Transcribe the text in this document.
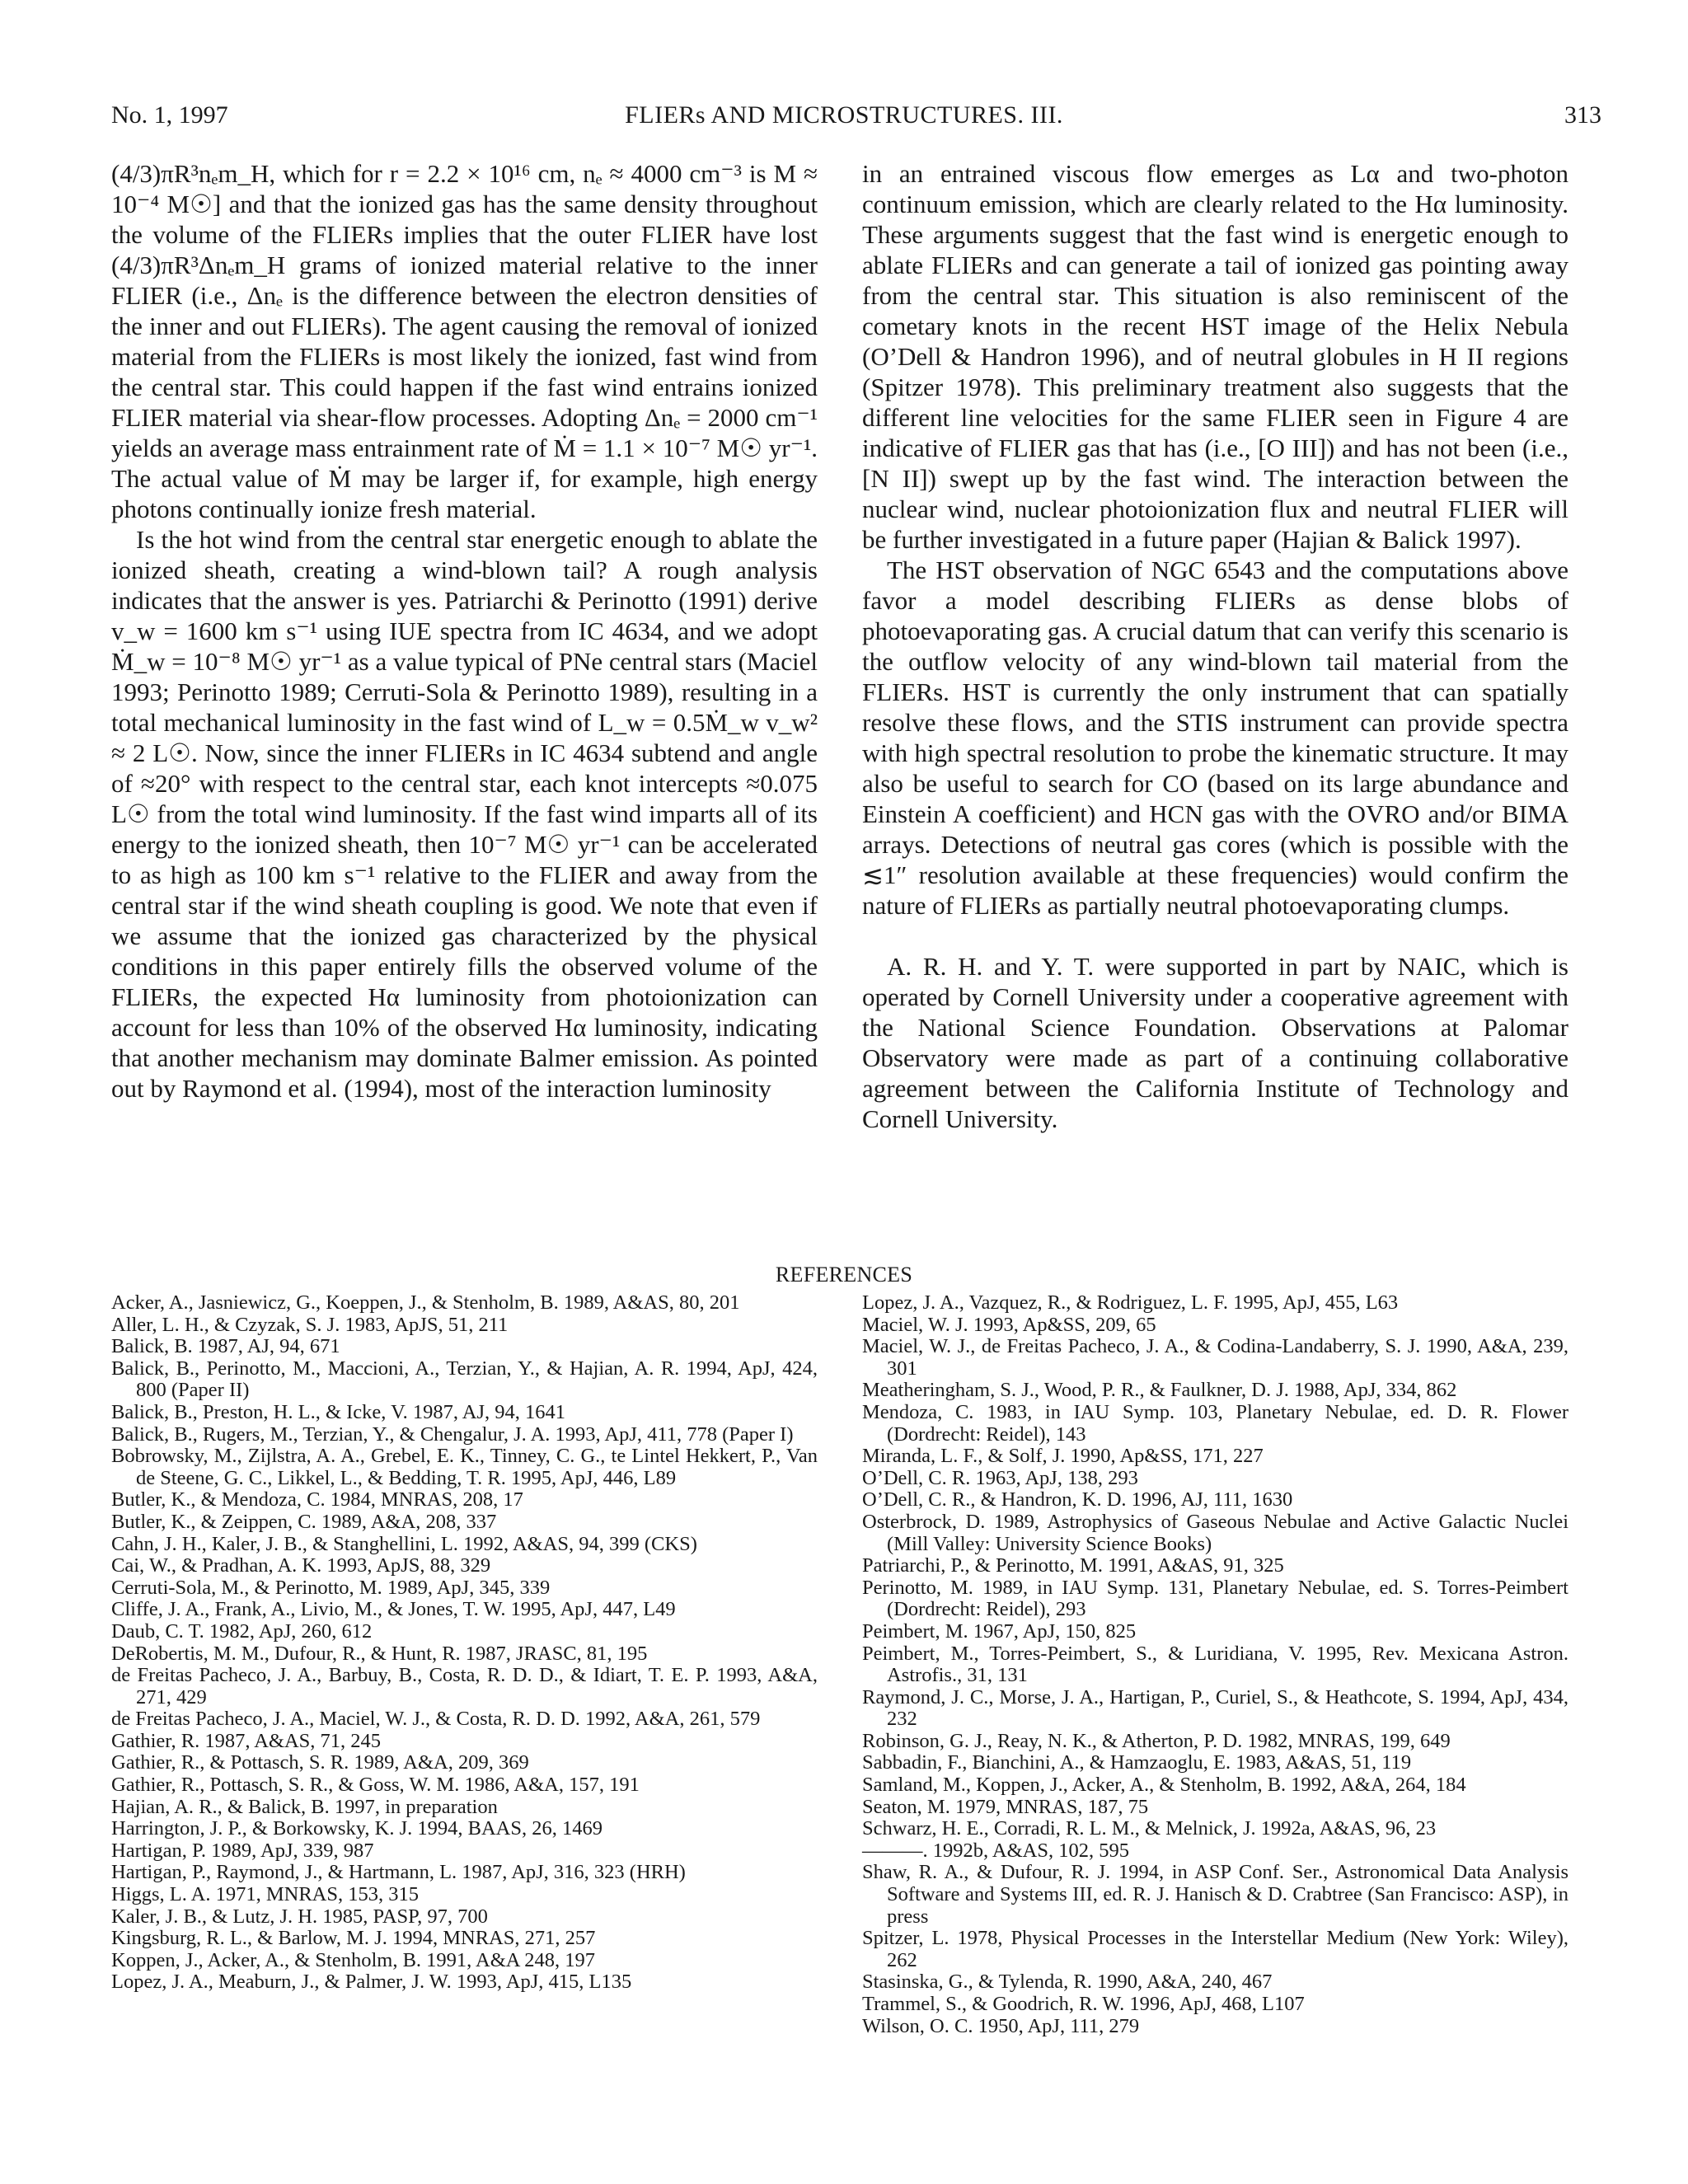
No. 1, 1997	FLIERs AND MICROSTRUCTURES. III.	313

(4/3)πR³nₑm_H, which for r = 2.2 × 10¹⁶ cm, nₑ ≈ 4000 cm⁻³ is M ≈ 10⁻⁴ M☉] and that the ionized gas has the same density throughout the volume of the FLIERs implies that the outer FLIER have lost (4/3)πR³Δnₑm_H grams of ionized material relative to the inner FLIER (i.e., Δnₑ is the difference between the electron densities of the inner and out FLIERs). The agent causing the removal of ionized material from the FLIERs is most likely the ionized, fast wind from the central star. This could happen if the fast wind entrains ionized FLIER material via shear-flow processes. Adopting Δnₑ = 2000 cm⁻¹ yields an average mass entrainment rate of Ṁ = 1.1 × 10⁻⁷ M☉ yr⁻¹. The actual value of Ṁ may be larger if, for example, high energy photons continually ionize fresh material.

Is the hot wind from the central star energetic enough to ablate the ionized sheath, creating a wind-blown tail? A rough analysis indicates that the answer is yes. Patriarchi & Perinotto (1991) derive v_w = 1600 km s⁻¹ using IUE spectra from IC 4634, and we adopt Ṁ_w = 10⁻⁸ M☉ yr⁻¹ as a value typical of PNe central stars (Maciel 1993; Perinotto 1989; Cerruti-Sola & Perinotto 1989), resulting in a total mechanical luminosity in the fast wind of L_w = 0.5Ṁ_w v_w² ≈ 2 L☉. Now, since the inner FLIERs in IC 4634 subtend and angle of ≈20° with respect to the central star, each knot intercepts ≈0.075 L☉ from the total wind luminosity. If the fast wind imparts all of its energy to the ionized sheath, then 10⁻⁷ M☉ yr⁻¹ can be accelerated to as high as 100 km s⁻¹ relative to the FLIER and away from the central star if the wind sheath coupling is good. We note that even if we assume that the ionized gas characterized by the physical conditions in this paper entirely fills the observed volume of the FLIERs, the expected Hα luminosity from photoionization can account for less than 10% of the observed Hα luminosity, indicating that another mechanism may dominate Balmer emission. As pointed out by Raymond et al. (1994), most of the interaction luminosity

in an entrained viscous flow emerges as Lα and two-photon continuum emission, which are clearly related to the Hα luminosity. These arguments suggest that the fast wind is energetic enough to ablate FLIERs and can generate a tail of ionized gas pointing away from the central star. This situation is also reminiscent of the cometary knots in the recent HST image of the Helix Nebula (O’Dell & Handron 1996), and of neutral globules in H II regions (Spitzer 1978). This preliminary treatment also suggests that the different line velocities for the same FLIER seen in Figure 4 are indicative of FLIER gas that has (i.e., [O III]) and has not been (i.e., [N II]) swept up by the fast wind. The interaction between the nuclear wind, nuclear photoionization flux and neutral FLIER will be further investigated in a future paper (Hajian & Balick 1997).

The HST observation of NGC 6543 and the computations above favor a model describing FLIERs as dense blobs of photoevaporating gas. A crucial datum that can verify this scenario is the outflow velocity of any wind-blown tail material from the FLIERs. HST is currently the only instrument that can spatially resolve these flows, and the STIS instrument can provide spectra with high spectral resolution to probe the kinematic structure. It may also be useful to search for CO (based on its large abundance and Einstein A coefficient) and HCN gas with the OVRO and/or BIMA arrays. Detections of neutral gas cores (which is possible with the ≲1″ resolution available at these frequencies) would confirm the nature of FLIERs as partially neutral photoevaporating clumps.

A. R. H. and Y. T. were supported in part by NAIC, which is operated by Cornell University under a cooperative agreement with the National Science Foundation. Observations at Palomar Observatory were made as part of a continuing collaborative agreement between the California Institute of Technology and Cornell University.

REFERENCES
Acker, A., Jasniewicz, G., Koeppen, J., & Stenholm, B. 1989, A&AS, 80, 201
Aller, L. H., & Czyzak, S. J. 1983, ApJS, 51, 211
Balick, B. 1987, AJ, 94, 671
Balick, B., Perinotto, M., Maccioni, A., Terzian, Y., & Hajian, A. R. 1994, ApJ, 424, 800 (Paper II)
Balick, B., Preston, H. L., & Icke, V. 1987, AJ, 94, 1641
Balick, B., Rugers, M., Terzian, Y., & Chengalur, J. A. 1993, ApJ, 411, 778 (Paper I)
Bobrowsky, M., Zijlstra, A. A., Grebel, E. K., Tinney, C. G., te Lintel Hekkert, P., Van de Steene, G. C., Likkel, L., & Bedding, T. R. 1995, ApJ, 446, L89
Butler, K., & Mendoza, C. 1984, MNRAS, 208, 17
Butler, K., & Zeippen, C. 1989, A&A, 208, 337
Cahn, J. H., Kaler, J. B., & Stanghellini, L. 1992, A&AS, 94, 399 (CKS)
Cai, W., & Pradhan, A. K. 1993, ApJS, 88, 329
Cerruti-Sola, M., & Perinotto, M. 1989, ApJ, 345, 339
Cliffe, J. A., Frank, A., Livio, M., & Jones, T. W. 1995, ApJ, 447, L49
Daub, C. T. 1982, ApJ, 260, 612
DeRobertis, M. M., Dufour, R., & Hunt, R. 1987, JRASC, 81, 195
de Freitas Pacheco, J. A., Barbuy, B., Costa, R. D. D., & Idiart, T. E. P. 1993, A&A, 271, 429
de Freitas Pacheco, J. A., Maciel, W. J., & Costa, R. D. D. 1992, A&A, 261, 579
Gathier, R. 1987, A&AS, 71, 245
Gathier, R., & Pottasch, S. R. 1989, A&A, 209, 369
Gathier, R., Pottasch, S. R., & Goss, W. M. 1986, A&A, 157, 191
Hajian, A. R., & Balick, B. 1997, in preparation
Harrington, J. P., & Borkowsky, K. J. 1994, BAAS, 26, 1469
Hartigan, P. 1989, ApJ, 339, 987
Hartigan, P., Raymond, J., & Hartmann, L. 1987, ApJ, 316, 323 (HRH)
Higgs, L. A. 1971, MNRAS, 153, 315
Kaler, J. B., & Lutz, J. H. 1985, PASP, 97, 700
Kingsburg, R. L., & Barlow, M. J. 1994, MNRAS, 271, 257
Koppen, J., Acker, A., & Stenholm, B. 1991, A&A 248, 197
Lopez, J. A., Meaburn, J., & Palmer, J. W. 1993, ApJ, 415, L135
Lopez, J. A., Vazquez, R., & Rodriguez, L. F. 1995, ApJ, 455, L63
Maciel, W. J. 1993, Ap&SS, 209, 65
Maciel, W. J., de Freitas Pacheco, J. A., & Codina-Landaberry, S. J. 1990, A&A, 239, 301
Meatheringham, S. J., Wood, P. R., & Faulkner, D. J. 1988, ApJ, 334, 862
Mendoza, C. 1983, in IAU Symp. 103, Planetary Nebulae, ed. D. R. Flower (Dordrecht: Reidel), 143
Miranda, L. F., & Solf, J. 1990, Ap&SS, 171, 227
O’Dell, C. R. 1963, ApJ, 138, 293
O’Dell, C. R., & Handron, K. D. 1996, AJ, 111, 1630
Osterbrock, D. 1989, Astrophysics of Gaseous Nebulae and Active Galactic Nuclei (Mill Valley: University Science Books)
Patriarchi, P., & Perinotto, M. 1991, A&AS, 91, 325
Perinotto, M. 1989, in IAU Symp. 131, Planetary Nebulae, ed. S. Torres-Peimbert (Dordrecht: Reidel), 293
Peimbert, M. 1967, ApJ, 150, 825
Peimbert, M., Torres-Peimbert, S., & Luridiana, V. 1995, Rev. Mexicana Astron. Astrofis., 31, 131
Raymond, J. C., Morse, J. A., Hartigan, P., Curiel, S., & Heathcote, S. 1994, ApJ, 434, 232
Robinson, G. J., Reay, N. K., & Atherton, P. D. 1982, MNRAS, 199, 649
Sabbadin, F., Bianchini, A., & Hamzaoglu, E. 1983, A&AS, 51, 119
Samland, M., Koppen, J., Acker, A., & Stenholm, B. 1992, A&A, 264, 184
Seaton, M. 1979, MNRAS, 187, 75
Schwarz, H. E., Corradi, R. L. M., & Melnick, J. 1992a, A&AS, 96, 23
———. 1992b, A&AS, 102, 595
Shaw, R. A., & Dufour, R. J. 1994, in ASP Conf. Ser., Astronomical Data Analysis Software and Systems III, ed. R. J. Hanisch & D. Crabtree (San Francisco: ASP), in press
Spitzer, L. 1978, Physical Processes in the Interstellar Medium (New York: Wiley), 262
Stasinska, G., & Tylenda, R. 1990, A&A, 240, 467
Trammel, S., & Goodrich, R. W. 1996, ApJ, 468, L107
Wilson, O. C. 1950, ApJ, 111, 279
